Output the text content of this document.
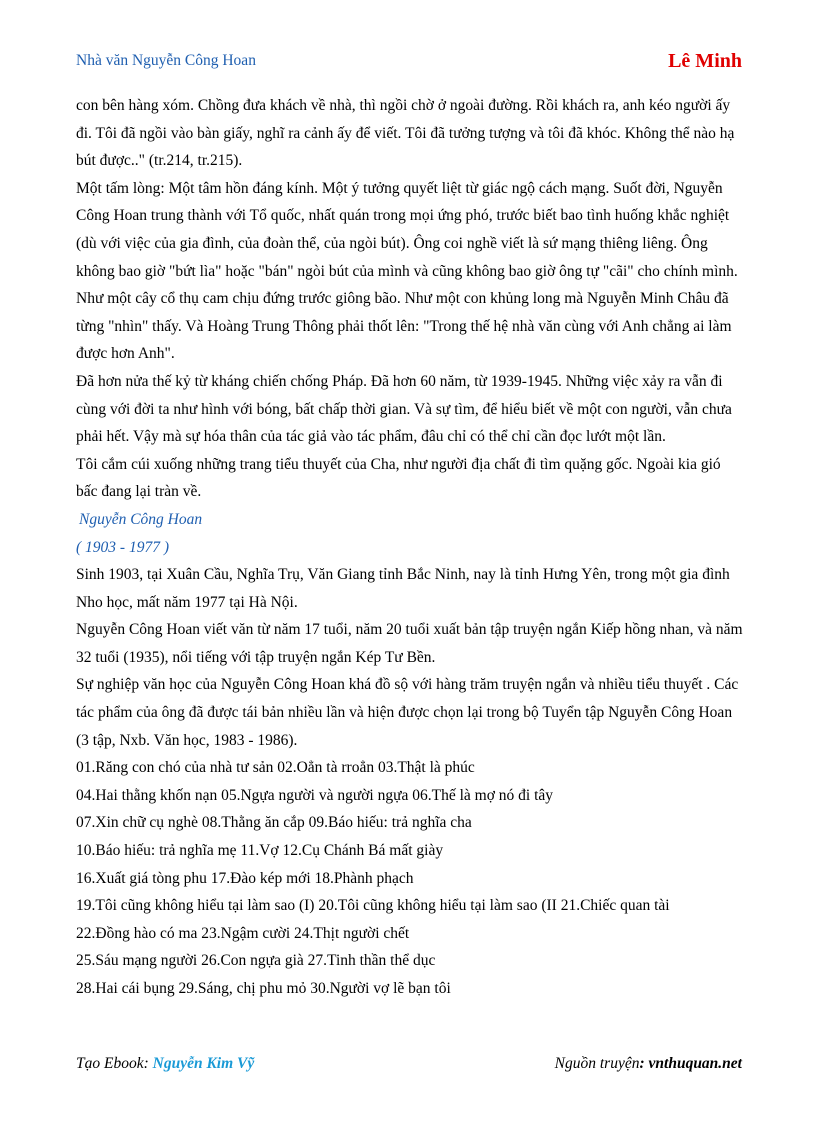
Nhà văn Nguyễn Công Hoan	Lê Minh

con bên hàng xóm. Chồng đưa khách về nhà, thì ngồi chờ ở ngoài đường. Rồi khách ra, anh kéo người ấy đi. Tôi đã ngồi vào bàn giấy, nghĩ ra cảnh ấy để viết. Tôi đã tưởng tượng và tôi đã khóc. Không thể nào hạ bút được.." (tr.214, tr.215).

Một tấm lòng: Một tâm hồn đáng kính. Một ý tưởng quyết liệt từ giác ngộ cách mạng. Suốt đời, Nguyễn Công Hoan trung thành với Tổ quốc, nhất quán trong mọi ứng phó, trước biết bao tình huống khắc nghiệt (dù với việc của gia đình, của đoàn thể, của ngòi bút). Ông coi nghề viết là sứ mạng thiêng liêng. Ông không bao giờ "bứt lìa" hoặc "bán" ngòi bút của mình và cũng không bao giờ ông tự "cãi" cho chính mình. Như một cây cổ thụ cam chịu đứng trước giông bão. Như một con khủng long mà Nguyễn Minh Châu đã từng "nhìn" thấy. Và Hoàng Trung Thông phải thốt lên: "Trong thế hệ nhà văn cùng với Anh chẳng ai làm được hơn Anh".

Đã hơn nửa thế kỷ từ kháng chiến chống Pháp. Đã hơn 60 năm, từ 1939-1945. Những việc xảy ra vẫn đi cùng với đời ta như hình với bóng, bất chấp thời gian. Và sự tìm, để hiểu biết về một con người, vẫn chưa phải hết. Vậy mà sự hóa thân của tác giả vào tác phẩm, đâu chỉ có thể chỉ cần đọc lướt một lần.

Tôi cắm cúi xuống những trang tiểu thuyết của Cha, như người địa chất đi tìm quặng gốc. Ngoài kia gió bấc đang lại tràn về.

Nguyễn Công Hoan

( 1903 - 1977 )

Sinh 1903, tại Xuân Cầu, Nghĩa Trụ, Văn Giang tỉnh Bắc Ninh, nay là tỉnh Hưng Yên, trong một gia đình Nho học, mất năm 1977 tại Hà Nội.

Nguyễn Công Hoan viết văn từ năm 17 tuổi, năm 20 tuổi xuất bản tập truyện ngắn Kiếp hồng nhan, và năm 32 tuổi (1935), nổi tiếng với tập truyện ngắn Kép Tư Bền.

Sự nghiệp văn học của Nguyễn Công Hoan khá đồ sộ với hàng trăm truyện ngắn và nhiều tiểu thuyết . Các tác phẩm của ông đã được tái bản nhiều lần và hiện được chọn lại trong bộ Tuyển tập Nguyễn Công Hoan (3 tập, Nxb. Văn học, 1983 - 1986).

01.Răng con chó của nhà tư sản 02.Oẳn tà rroẳn 03.Thật là phúc

04.Hai thằng khốn nạn 05.Ngựa người và người ngựa 06.Thế là mợ nó đi tây

07.Xin chữ cụ nghè 08.Thằng ăn cắp 09.Báo hiếu: trả nghĩa cha

10.Báo hiếu: trả nghĩa mẹ 11.Vợ 12.Cụ Chánh Bá mất giày

16.Xuất giá tòng phu 17.Đào kép mới 18.Phành phạch

19.Tôi cũng không hiểu tại làm sao (I) 20.Tôi cũng không hiểu tại làm sao (II 21.Chiếc quan tài

22.Đồng hào có ma 23.Ngậm cười 24.Thịt người chết

25.Sáu mạng người 26.Con ngựa già 27.Tinh thần thể dục

28.Hai cái bụng 29.Sáng, chị phu mỏ 30.Người vợ lẽ bạn tôi

Tạo Ebook: Nguyễn Kim Vỹ	Nguồn truyện: vnthuquan.net
